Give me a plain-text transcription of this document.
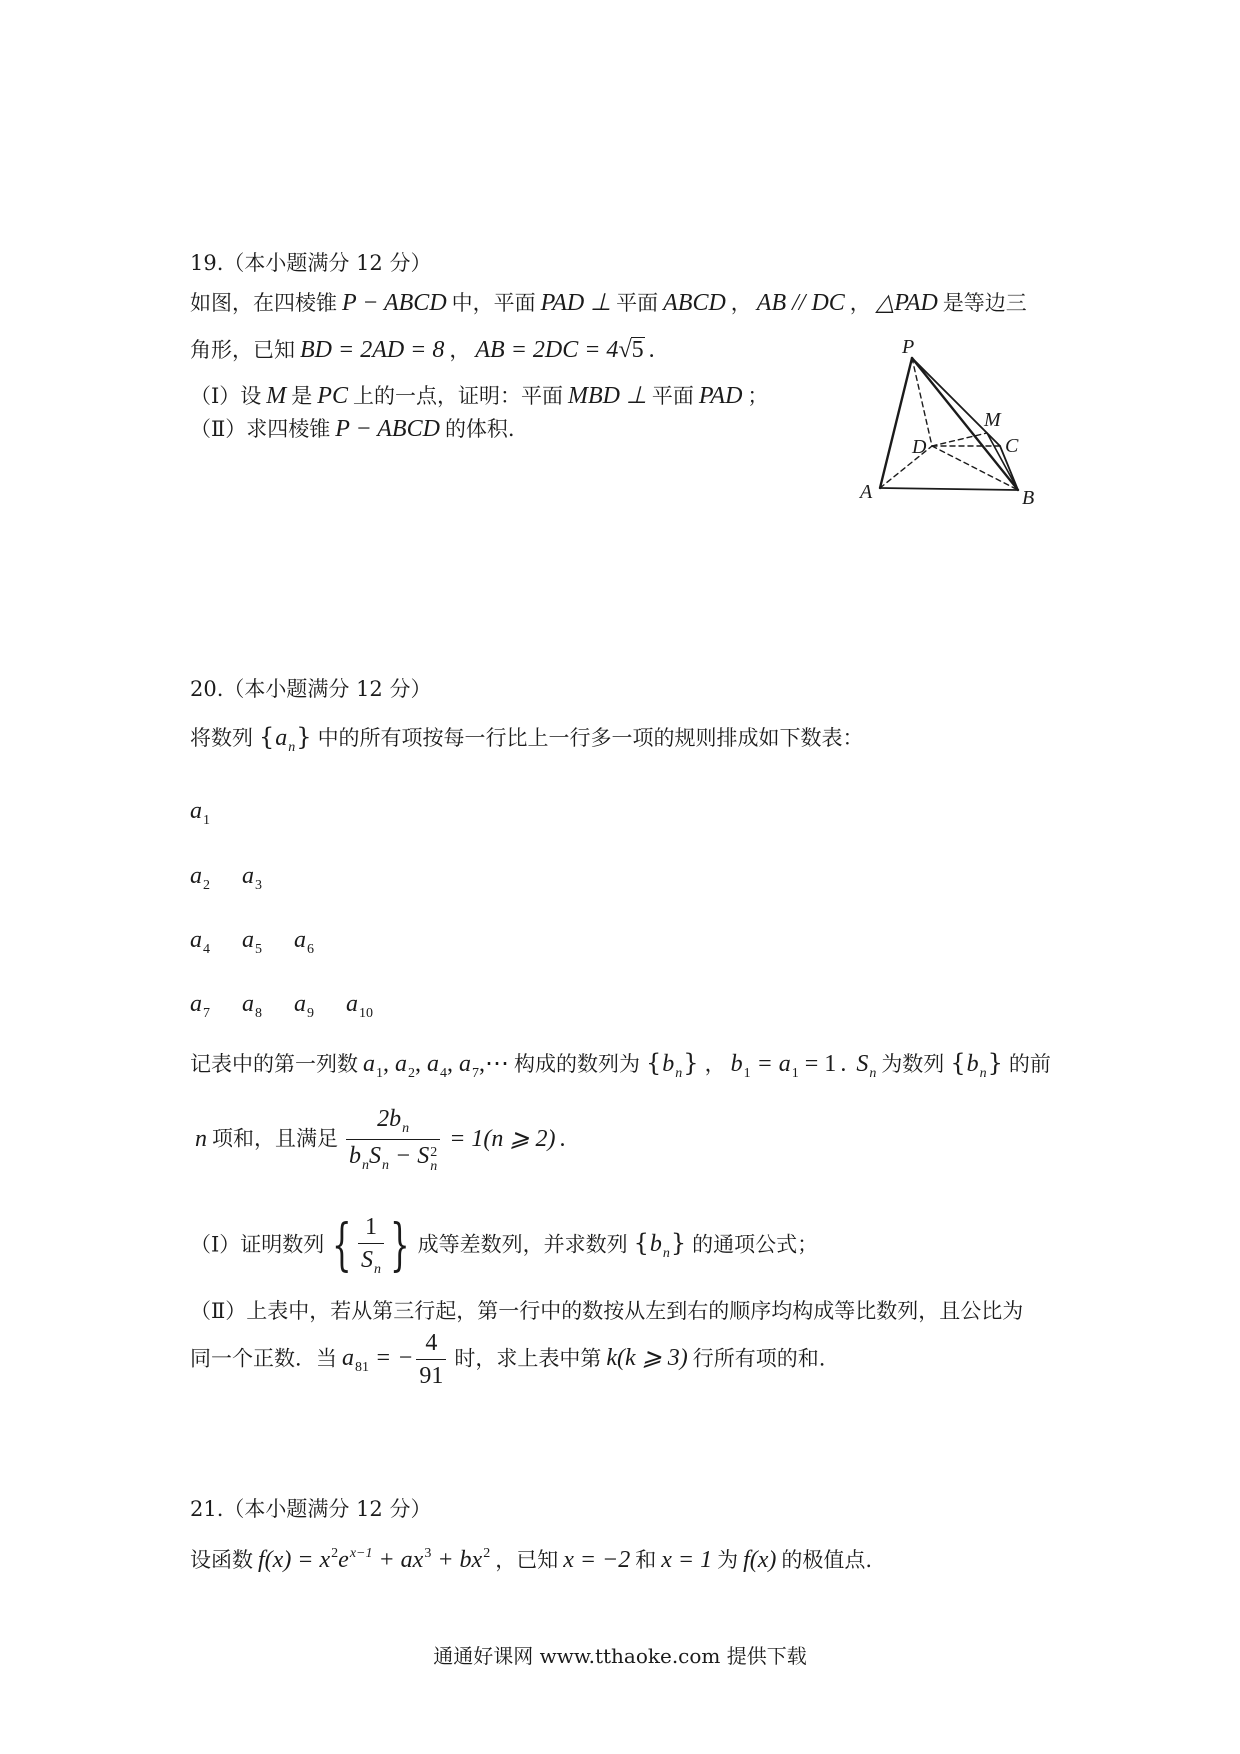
19.（本小题满分 12 分）
如图，在四棱锥 P − ABCD 中，平面 PAD ⊥ 平面 ABCD ， AB // DC ， △PAD 是等边三
角形，已知 BD = 2AD = 8 ， AB = 2DC = 4√5 .
（Ⅰ）设 M 是 PC 上的一点，证明：平面 MBD ⊥ 平面 PAD ；
（Ⅱ）求四棱锥 P − ABCD 的体积.
P
M
D	C
A	B
20.（本小题满分 12 分）
将数列 $\{a_n\}$ 中的所有项按每一行比上一行多一项的规则排成如下数表：
$a_1$
$a_2$ $a_3$
$a_4$ $a_5$ $a_6$
$a_7$ $a_8$ $a_9$ $a_{10}$
记表中的第一列数 $a_1$, $a_2$, $a_4$, $a_7,\cdots$ 构成的数列为 $\{b_n\}$ ， $b_1 = a_1 = 1$ . $S_n$ 为数列 $\{b_n\}$ 的前
n 项和，且满足 $2b_n$
$b_nS_n - S$ 2
n = 1(n ⩾ 2) .
（Ⅰ）证明数列 { $\frac{1}{S_n}$ } 成等差数列，并求数列 $\{b_n\}$ 的通项公式；
（Ⅱ）上表中，若从第三行起，第一行中的数按从左到右的顺序均构成等比数列，且公比为
同一个正数．当 $a_{81}$ = − $\frac{4}{91}$ 时，求上表中第 k(k ⩾ 3) 行所有项的和.
21.（本小题满分 12 分）
设函数 $f(x) = x^2e^{x-1} + ax^3 + bx^2$ ，已知 x = −2 和 x = 1 为 f(x) 的极值点.
通通好课网 www.tthaoke.com 提供下载
